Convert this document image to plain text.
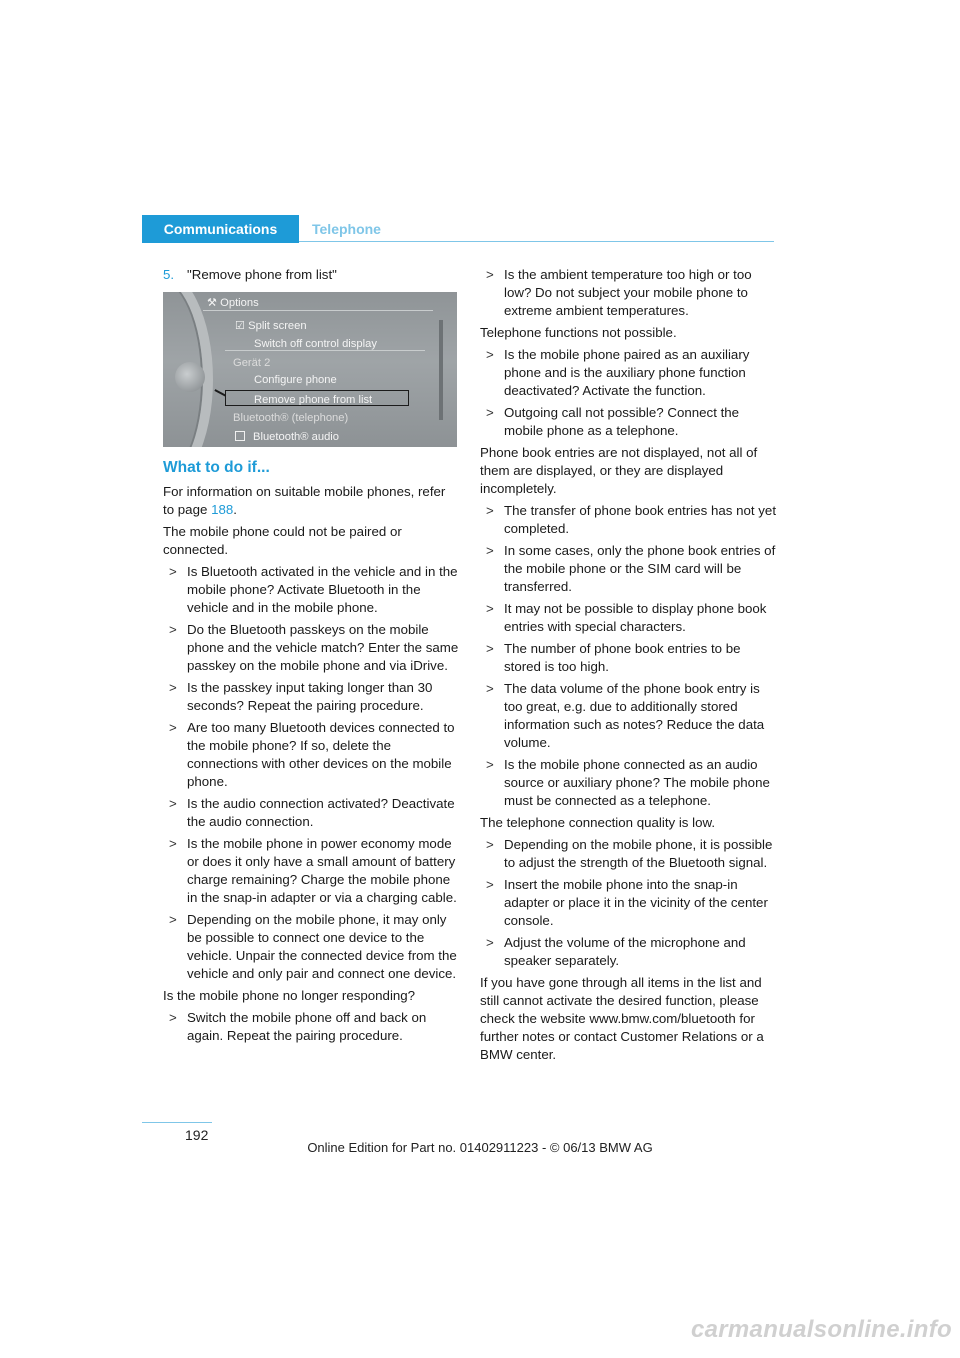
Communications	Telephone

5. "Remove phone from list"

⚒ Options
☑ Split screen
Switch off control display
Gerät 2
Configure phone
Remove phone from list
Bluetooth® (telephone)
Bluetooth® audio
What to do if...

For information on suitable mobile phones, refer to page 188.

The mobile phone could not be paired or connected.

> Is Bluetooth activated in the vehicle and in the mobile phone? Activate Bluetooth in the vehicle and in the mobile phone.
> Do the Bluetooth passkeys on the mobile phone and the vehicle match? Enter the same passkey on the mobile phone and via iDrive.
> Is the passkey input taking longer than 30 seconds? Repeat the pairing procedure.
> Are too many Bluetooth devices connected to the mobile phone? If so, delete the connections with other devices on the mobile phone.
> Is the audio connection activated? Deactivate the audio connection.
> Is the mobile phone in power economy mode or does it only have a small amount of battery charge remaining? Charge the mobile phone in the snap-in adapter or via a charging cable.
> Depending on the mobile phone, it may only be possible to connect one device to the vehicle. Unpair the connected device from the vehicle and only pair and connect one device.

Is the mobile phone no longer responding?

> Switch the mobile phone off and back on again. Repeat the pairing procedure.
> Is the ambient temperature too high or too low? Do not subject your mobile phone to extreme ambient temperatures.

Telephone functions not possible.

> Is the mobile phone paired as an auxiliary phone and is the auxiliary phone function deactivated? Activate the function.
> Outgoing call not possible? Connect the mobile phone as a telephone.

Phone book entries are not displayed, not all of them are displayed, or they are displayed incompletely.

> The transfer of phone book entries has not yet completed.
> In some cases, only the phone book entries of the mobile phone or the SIM card will be transferred.
> It may not be possible to display phone book entries with special characters.
> The number of phone book entries to be stored is too high.
> The data volume of the phone book entry is too great, e.g. due to additionally stored information such as notes? Reduce the data volume.
> Is the mobile phone connected as an audio source or auxiliary phone? The mobile phone must be connected as a telephone.

The telephone connection quality is low.

> Depending on the mobile phone, it is possible to adjust the strength of the Bluetooth signal.
> Insert the mobile phone into the snap-in adapter or place it in the vicinity of the center console.
> Adjust the volume of the microphone and speaker separately.

If you have gone through all items in the list and still cannot activate the desired function, please check the website www.bmw.com/bluetooth for further notes or contact Customer Relations or a BMW center.

192
Online Edition for Part no. 01402911223 - © 06/13 BMW AG
carmanualsonline.info
